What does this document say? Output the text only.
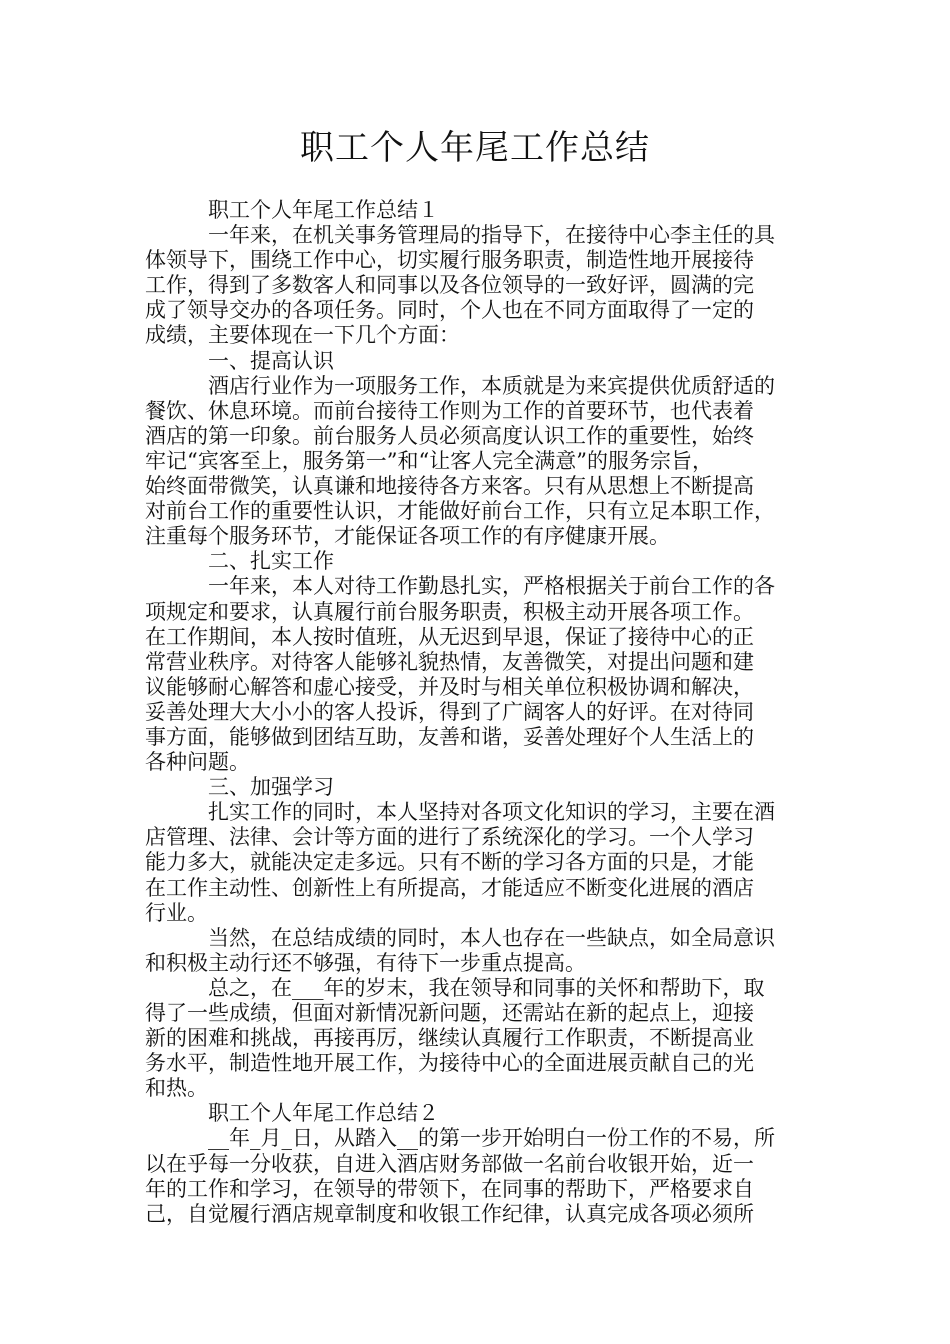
职工个人年尾工作总结
　　　职工个人年尾工作总结１
　　　一年来，在机关事务管理局的指导下，在接待中心李主任的具
体领导下，围绕工作中心，切实履行服务职责，制造性地开展接待
工作，得到了多数客人和同事以及各位领导的一致好评，圆满的完
成了领导交办的各项任务。同时，个人也在不同方面取得了一定的
成绩，主要体现在一下几个方面：
　　　一、提高认识
　　　酒店行业作为一项服务工作，本质就是为来宾提供优质舒适的
餐饮、休息环境。而前台接待工作则为工作的首要环节，也代表着
酒店的第一印象。前台服务人员必须高度认识工作的重要性，始终
牢记“宾客至上，服务第一”和“让客人完全满意”的服务宗旨，
始终面带微笑，认真谦和地接待各方来客。只有从思想上不断提高
对前台工作的重要性认识，才能做好前台工作，只有立足本职工作，
注重每个服务环节，才能保证各项工作的有序健康开展。
　　　二、扎实工作
　　　一年来，本人对待工作勤恳扎实，严格根据关于前台工作的各
项规定和要求，认真履行前台服务职责，积极主动开展各项工作。
在工作期间，本人按时值班，从无迟到早退，保证了接待中心的正
常营业秩序。对待客人能够礼貌热情，友善微笑，对提出问题和建
议能够耐心解答和虚心接受，并及时与相关单位积极协调和解决，
妥善处理大大小小的客人投诉，得到了广阔客人的好评。在对待同
事方面，能够做到团结互助，友善和谐，妥善处理好个人生活上的
各种问题。
　　　三、加强学习
　　　扎实工作的同时，本人坚持对各项文化知识的学习，主要在酒
店管理、法律、会计等方面的进行了系统深化的学习。一个人学习
能力多大，就能决定走多远。只有不断的学习各方面的只是，才能
在工作主动性、创新性上有所提高，才能适应不断变化进展的酒店
行业。
　　　当然，在总结成绩的同时，本人也存在一些缺点，如全局意识
和积极主动行还不够强，有待下一步重点提高。
　　　总之，在___年的岁末，我在领导和同事的关怀和帮助下，取
得了一些成绩，但面对新情况新问题，还需站在新的起点上，迎接
新的困难和挑战，再接再厉，继续认真履行工作职责，不断提高业
务水平，制造性地开展工作，为接待中心的全面进展贡献自己的光
和热。
　　　职工个人年尾工作总结２
　　　__年_月_日，从踏入__的第一步开始明白一份工作的不易，所
以在乎每一分收获，自进入酒店财务部做一名前台收银开始，近一
年的工作和学习，在领导的带领下，在同事的帮助下，严格要求自
己，自觉履行酒店规章制度和收银工作纪律，认真完成各项必须所
